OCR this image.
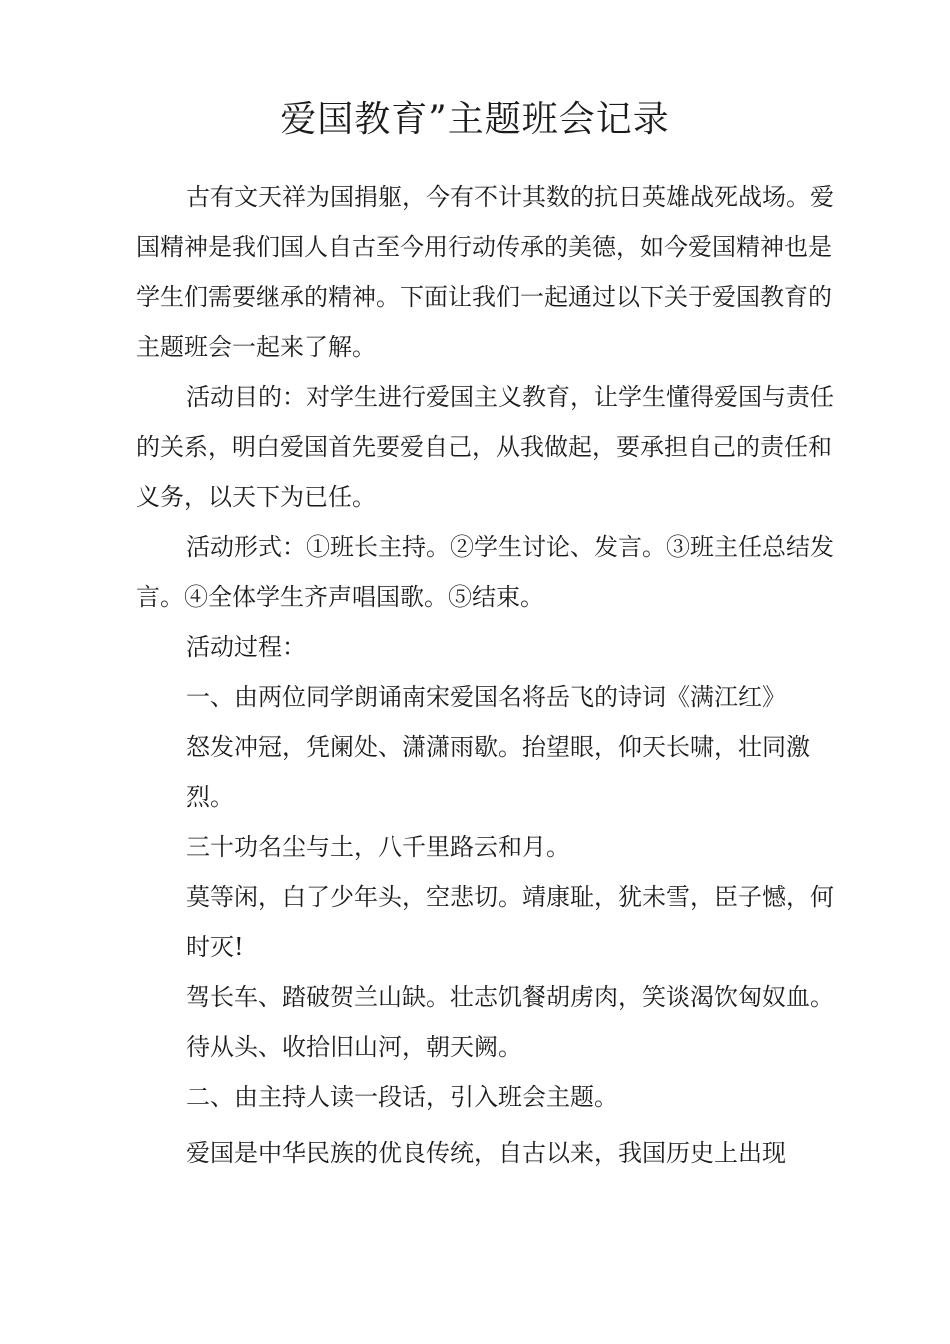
爱国教育”主题班会记录

古有文天祥为国捐躯，今有不计其数的抗日英雄战死战场。爱国精神是我们国人自古至今用行动传承的美德，如今爱国精神也是学生们需要继承的精神。下面让我们一起通过以下关于爱国教育的主题班会一起来了解。

活动目的：对学生进行爱国主义教育，让学生懂得爱国与责任的关系，明白爱国首先要爱自己，从我做起，要承担自己的责任和义务，以天下为已任。

活动形式：①班长主持。②学生讨论、发言。③班主任总结发言。④全体学生齐声唱国歌。⑤结束。

活动过程：

一、由两位同学朗诵南宋爱国名将岳飞的诗词《满江红》

怒发冲冠，凭阑处、潇潇雨歇。抬望眼，仰天长啸，壮同激烈。

三十功名尘与土，八千里路云和月。

莫等闲，白了少年头，空悲切。靖康耻，犹未雪，臣子憾，何时灭!

驾长车、踏破贺兰山缺。壮志饥餐胡虏肉，笑谈渴饮匈奴血。

待从头、收拾旧山河，朝天阙。

二、由主持人读一段话，引入班会主题。

爱国是中华民族的优良传统，自古以来，我国历史上出现
